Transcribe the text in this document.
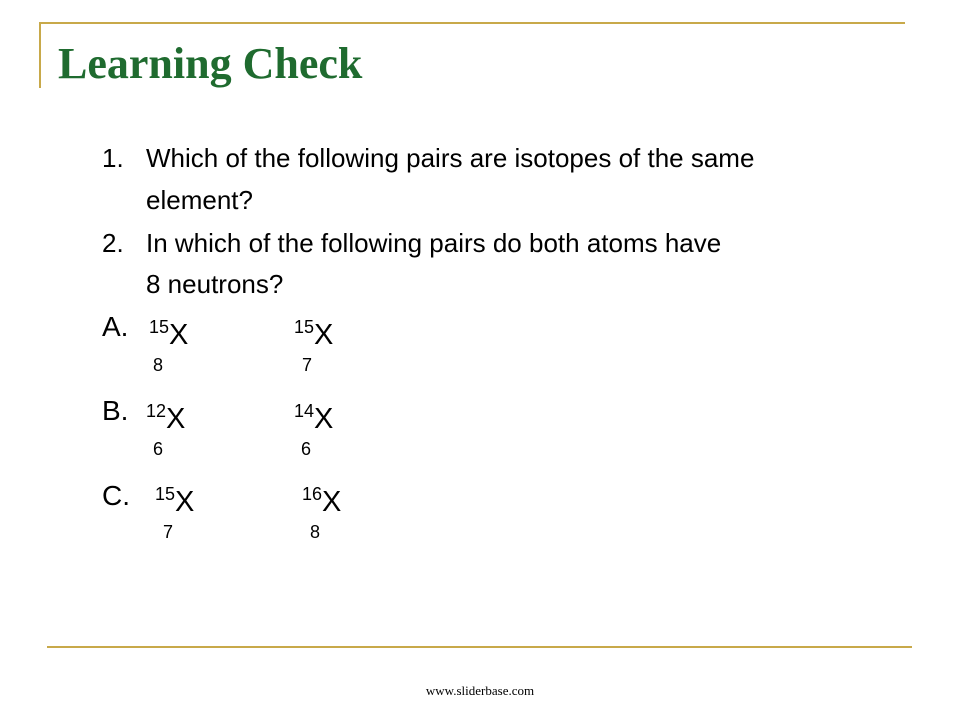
Learning Check
1. Which of the following pairs are isotopes of the same
element?
2. In which of the following pairs do both atoms have
8 neutrons?
A. 15X
8
15X
7
B. 12X
6
14X
6
C. 15X
7
16X
8
www.sliderbase.com
